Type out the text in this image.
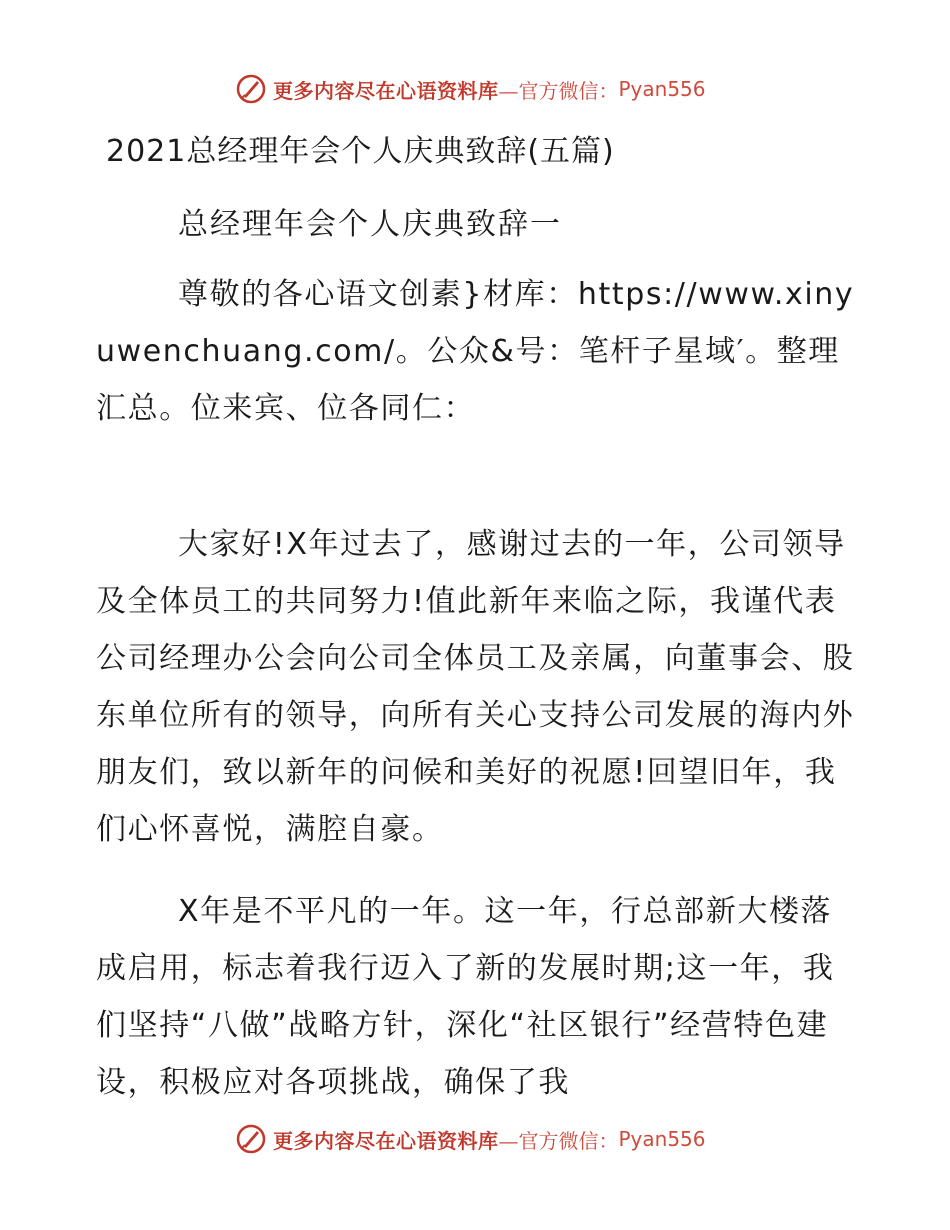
更多内容尽在心语资料库 —官方微信： Pyan556
2021总经理年会个人庆典致辞(五篇)
总经理年会个人庆典致辞一

尊敬的各心语文创素}材库：https://www.xinyuwenchuang.com/。公众&号：笔杆子星域′。整理汇总。位来宾、位各同仁：

大家好!X年过去了，感谢过去的一年，公司领导及全体员工的共同努力!值此新年来临之际，我谨代表公司经理办公会向公司全体员工及亲属，向董事会、股东单位所有的领导，向所有关心支持公司发展的海内外朋友们，致以新年的问候和美好的祝愿!回望旧年，我们心怀喜悦，满腔自豪。

X年是不平凡的一年。这一年，行总部新大楼落成启用，标志着我行迈入了新的发展时期;这一年，我们坚持“八做”战略方针，深化“社区银行”经营特色建设，积极应对各项挑战，确保了我

更多内容尽在心语资料库 —官方微信： Pyan556
